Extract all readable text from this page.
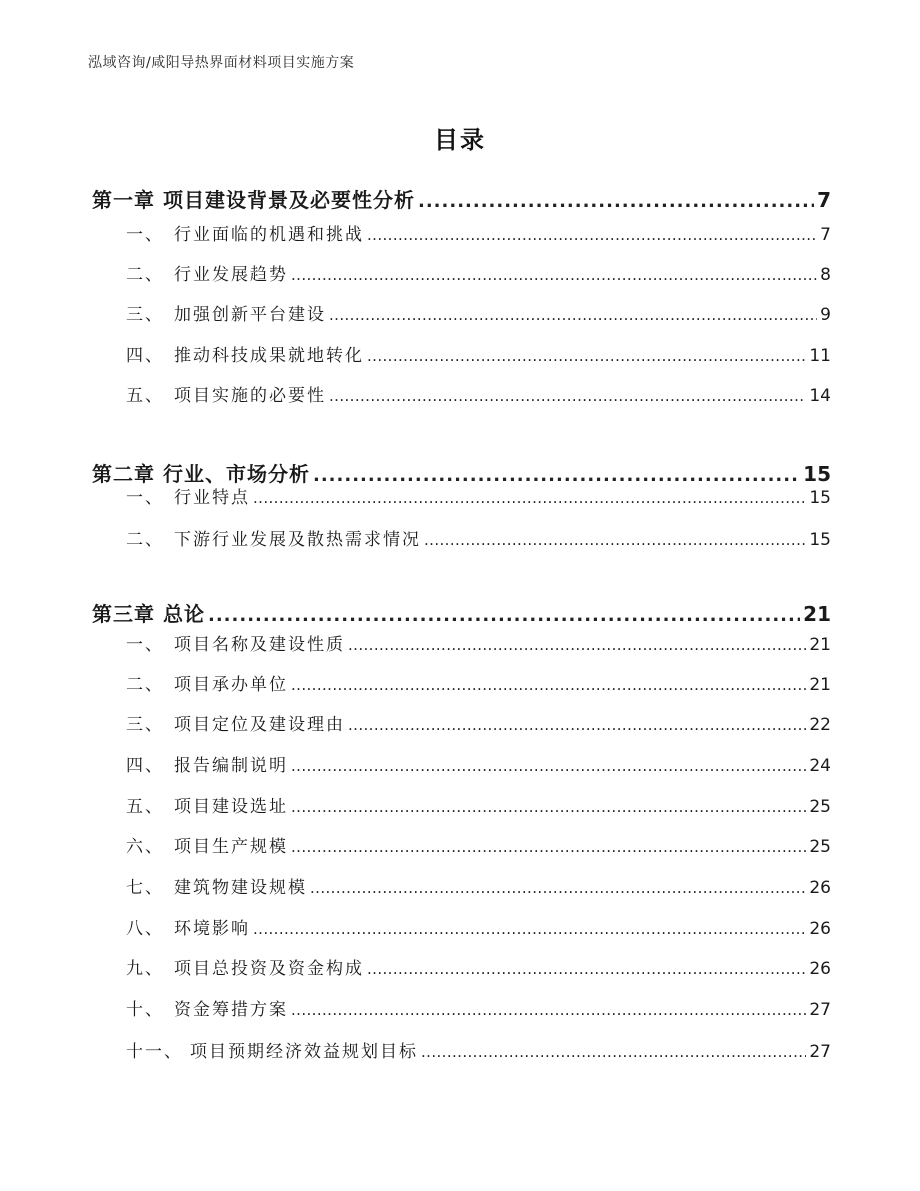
泓域咨询/咸阳导热界面材料项目实施方案
目录
第一章 项目建设背景及必要性分析 .....	7
一、 行业面临的机遇和挑战 .....	7
二、 行业发展趋势 .....	8
三、 加强创新平台建设 .....	9
四、 推动科技成果就地转化 .....	11
五、 项目实施的必要性 .....	14
第二章 行业、市场分析 .....	15
一、 行业特点 .....	15
二、 下游行业发展及散热需求情况 .....	15
第三章 总论 .....	21
一、 项目名称及建设性质 .....	21
二、 项目承办单位 .....	21
三、 项目定位及建设理由 .....	22
四、 报告编制说明 .....	24
五、 项目建设选址 .....	25
六、 项目生产规模 .....	25
七、 建筑物建设规模 .....	26
八、 环境影响 .....	26
九、 项目总投资及资金构成 .....	26
十、 资金筹措方案 .....	27
十一、 项目预期经济效益规划目标 .....	27
